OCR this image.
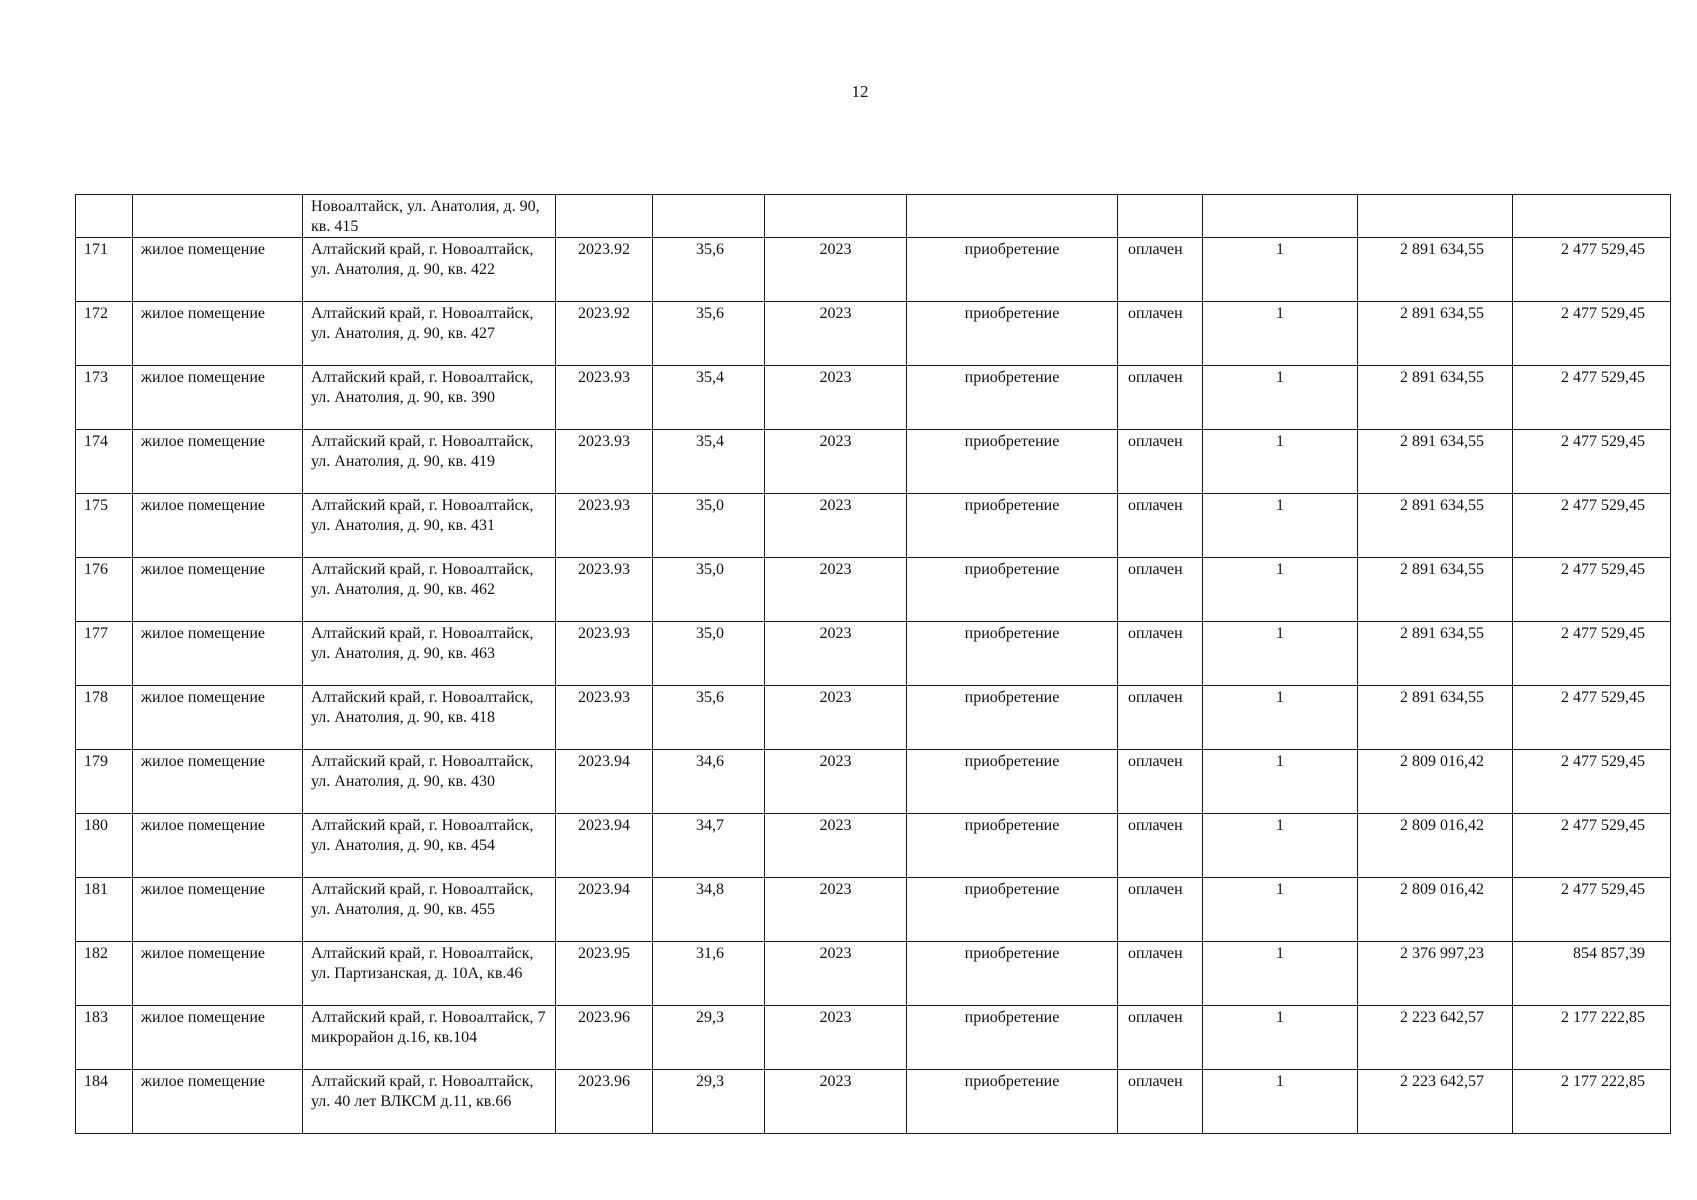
12
		Новоалтайск, ул. Анатолия, д. 90, кв. 415								
171	жилое помещение	Алтайский край, г. Новоалтайск, ул. Анатолия, д. 90, кв. 422	2023.92	35,6	2023	приобретение	оплачен	1	2 891 634,55	2 477 529,45
172	жилое помещение	Алтайский край, г. Новоалтайск, ул. Анатолия, д. 90, кв. 427	2023.92	35,6	2023	приобретение	оплачен	1	2 891 634,55	2 477 529,45
173	жилое помещение	Алтайский край, г. Новоалтайск, ул. Анатолия, д. 90, кв. 390	2023.93	35,4	2023	приобретение	оплачен	1	2 891 634,55	2 477 529,45
174	жилое помещение	Алтайский край, г. Новоалтайск, ул. Анатолия, д. 90, кв. 419	2023.93	35,4	2023	приобретение	оплачен	1	2 891 634,55	2 477 529,45
175	жилое помещение	Алтайский край, г. Новоалтайск, ул. Анатолия, д. 90, кв. 431	2023.93	35,0	2023	приобретение	оплачен	1	2 891 634,55	2 477 529,45
176	жилое помещение	Алтайский край, г. Новоалтайск, ул. Анатолия, д. 90, кв. 462	2023.93	35,0	2023	приобретение	оплачен	1	2 891 634,55	2 477 529,45
177	жилое помещение	Алтайский край, г. Новоалтайск, ул. Анатолия, д. 90, кв. 463	2023.93	35,0	2023	приобретение	оплачен	1	2 891 634,55	2 477 529,45
178	жилое помещение	Алтайский край, г. Новоалтайск, ул. Анатолия, д. 90, кв. 418	2023.93	35,6	2023	приобретение	оплачен	1	2 891 634,55	2 477 529,45
179	жилое помещение	Алтайский край, г. Новоалтайск, ул. Анатолия, д. 90, кв. 430	2023.94	34,6	2023	приобретение	оплачен	1	2 809 016,42	2 477 529,45
180	жилое помещение	Алтайский край, г. Новоалтайск, ул. Анатолия, д. 90, кв. 454	2023.94	34,7	2023	приобретение	оплачен	1	2 809 016,42	2 477 529,45
181	жилое помещение	Алтайский край, г. Новоалтайск, ул. Анатолия, д. 90, кв. 455	2023.94	34,8	2023	приобретение	оплачен	1	2 809 016,42	2 477 529,45
182	жилое помещение	Алтайский край, г. Новоалтайск, ул. Партизанская, д. 10А, кв.46	2023.95	31,6	2023	приобретение	оплачен	1	2 376 997,23	854 857,39
183	жилое помещение	Алтайский край, г. Новоалтайск, 7 микрорайон д.16, кв.104	2023.96	29,3	2023	приобретение	оплачен	1	2 223 642,57	2 177 222,85
184	жилое помещение	Алтайский край, г. Новоалтайск, ул. 40 лет ВЛКСМ д.11, кв.66	2023.96	29,3	2023	приобретение	оплачен	1	2 223 642,57	2 177 222,85
